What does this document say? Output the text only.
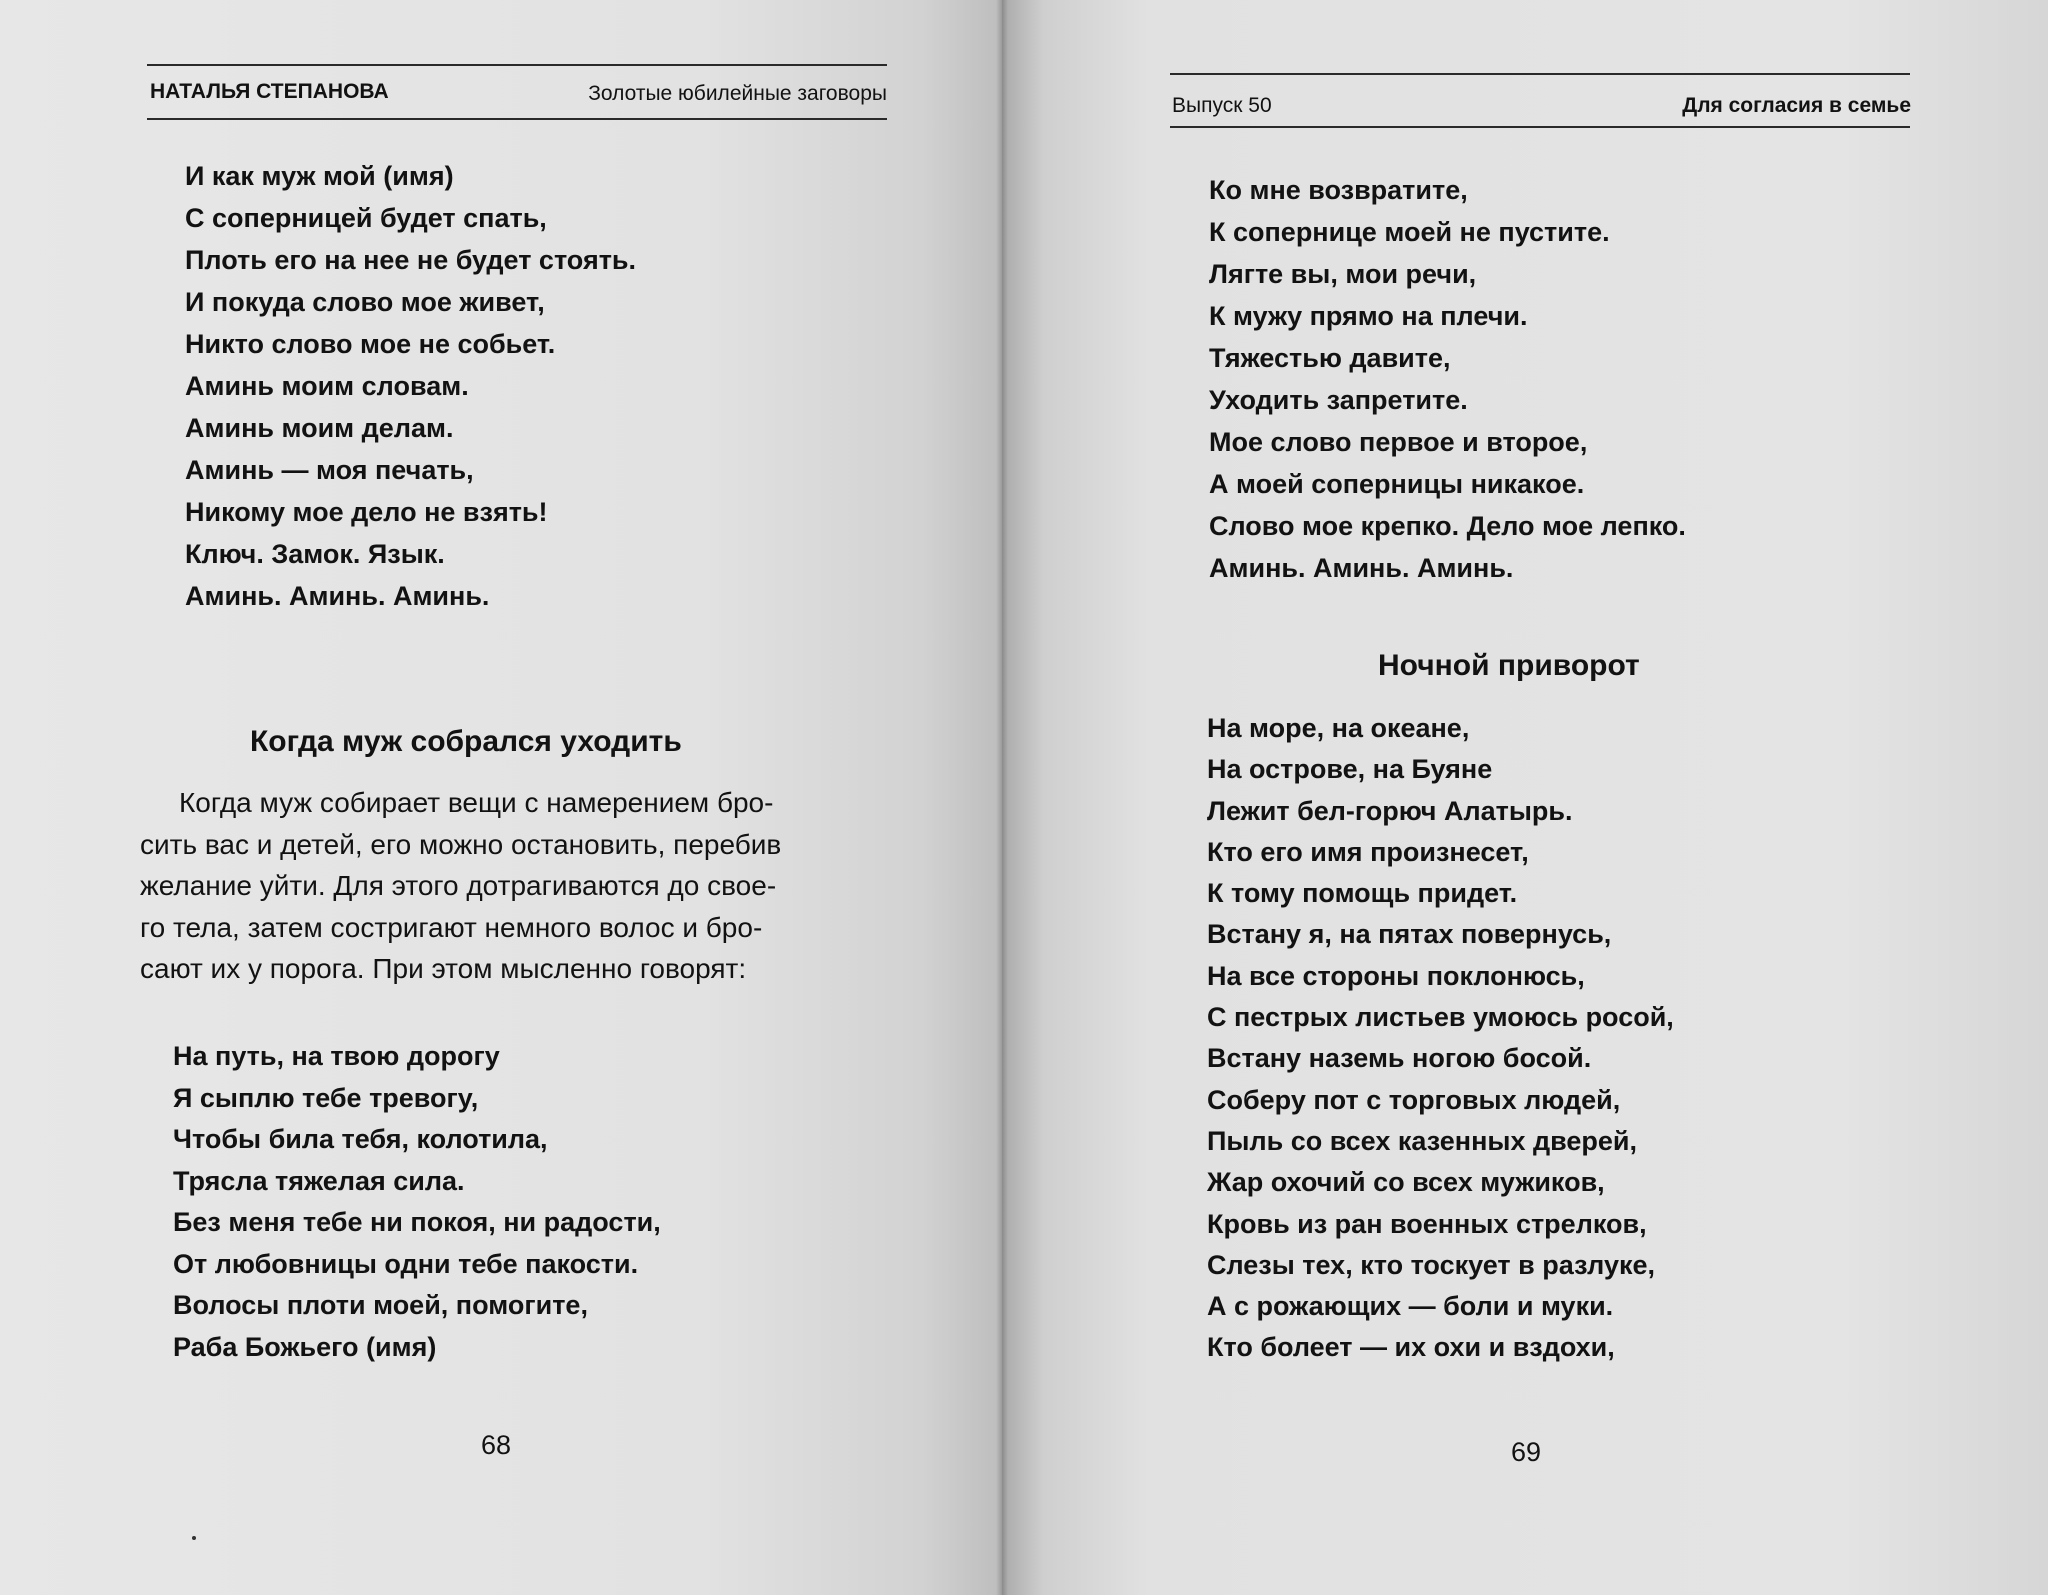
НАТАЛЬЯ СТЕПАНОВА	Золотые юбилейные заговоры
И как муж мой (имя)
С соперницей будет спать,
Плоть его на нее не будет стоять.
И покуда слово мое живет,
Никто слово мое не собьет.
Аминь моим словам.
Аминь моим делам.
Аминь — моя печать,
Никому мое дело не взять!
Ключ. Замок. Язык.
Аминь. Аминь. Аминь.
Когда муж собрался уходить
Когда муж собирает вещи с намерением бро-
сить вас и детей, его можно остановить, перебив
желание уйти. Для этого дотрагиваются до свое-
го тела, затем состригают немного волос и бро-
сают их у порога. При этом мысленно говорят:
На путь, на твою дорогу
Я сыплю тебе тревогу,
Чтобы била тебя, колотила,
Трясла тяжелая сила.
Без меня тебе ни покоя, ни радости,
От любовницы одни тебе пакости.
Волосы плоти моей, помогите,
Раба Божьего (имя)
68
Выпуск 50	Для согласия в семье
Ко мне возвратите,
К сопернице моей не пустите.
Лягте вы, мои речи,
К мужу прямо на плечи.
Тяжестью давите,
Уходить запретите.
Мое слово первое и второе,
А моей соперницы никакое.
Слово мое крепко. Дело мое лепко.
Аминь. Аминь. Аминь.
Ночной приворот
На море, на океане,
На острове, на Буяне
Лежит бел-горюч Алатырь.
Кто его имя произнесет,
К тому помощь придет.
Встану я, на пятах повернусь,
На все стороны поклонюсь,
С пестрых листьев умоюсь росой,
Встану наземь ногою босой.
Соберу пот с торговых людей,
Пыль со всех казенных дверей,
Жар охочий со всех мужиков,
Кровь из ран военных стрелков,
Слезы тех, кто тоскует в разлуке,
А с рожающих — боли и муки.
Кто болеет — их охи и вздохи,
69
